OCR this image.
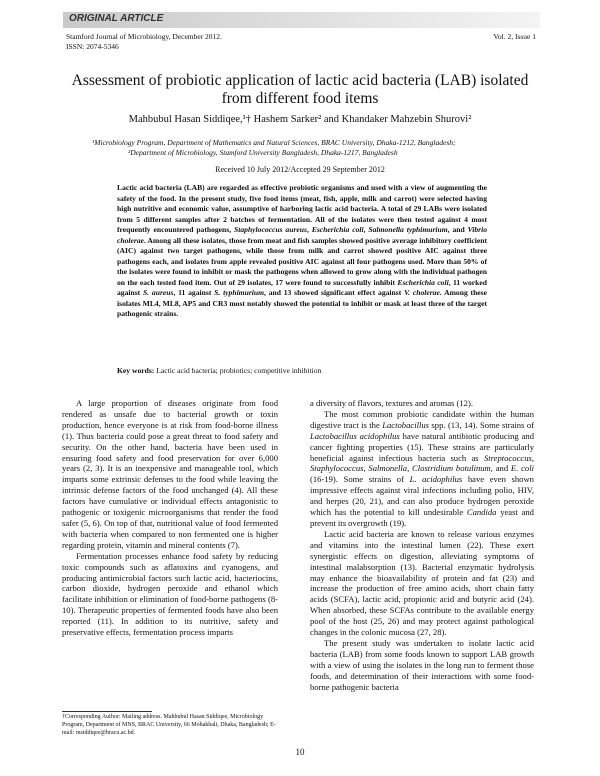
ORIGINAL ARTICLE
Stamford Journal of Microbiology, December 2012.
ISSN: 2074-5346
Vol. 2, Issue 1
Assessment of probiotic application of lactic acid bacteria (LAB) isolated from different food items
Mahbubul Hasan Siddiqee,¹† Hashem Sarker² and Khandaker Mahzebin Shurovi²
¹Microbiology Program, Department of Mathematics and Natural Sciences, BRAC University, Dhaka-1212, Bangladesh;
²Department of Microbiology, Stamford University Bangladesh, Dhaka-1217, Bangladesh
Received 10 July 2012/Accepted 29 September 2012
Lactic acid bacteria (LAB) are regarded as effective probiotic organisms and used with a view of augmenting the safety of the food. In the present study, five food items (meat, fish, apple, milk and carrot) were selected having high nutritive and economic value, assumptive of harboring lactic acid bacteria. A total of 29 LABs were isolated from 5 different samples after 2 batches of fermentation. All of the isolates were then tested against 4 most frequently encountered pathogens, Staphylococcus aureus, Escherichia coli, Salmonella typhimurium, and Vibrio cholerae. Among all these isolates, those from meat and fish samples showed positive average inhibitory coefficient (AIC) against two target pathogens, while those from milk and carrot showed positive AIC against three pathogens each, and isolates from apple revealed positive AIC against all four pathogens used. More than 50% of the isolates were found to inhibit or mask the pathogens when allowed to grow along with the individual pathogen on the each tested food item. Out of 29 isolates, 17 were found to successfully inhibit Escherichia coli, 11 worked against S. aureus, 11 against S. typhimurium, and 13 showed significant effect against V. cholerae. Among these isolates ML4, ML8, AP5 and CR3 most notably showed the potential to inhibit or mask at least three of the target pathogenic strains.
Key words: Lactic acid bacteria; probiotics; competitive inhibition

A large proportion of diseases originate from food rendered as unsafe due to bacterial growth or toxin production, hence everyone is at risk from food-borne illness (1). Thus bacteria could pose a great threat to food safety and security. On the other hand, bacteria have been used in ensuring food safety and food preservation for over 6,000 years (2, 3). It is an inexpensive and manageable tool, which imparts some extrinsic defenses to the food while leaving the intrinsic defense factors of the food unchanged (4). All these factors have cumulative or individual effects antagonistic to pathogenic or toxigenic microorganisms that render the food safer (5, 6). On top of that, nutritional value of food fermented with bacteria when compared to non fermented one is higher regarding protein, vitamin and mineral contents (7).

Fermentation processes enhance food safety by reducing toxic compounds such as aflatoxins and cyanogens, and producing antimicrobial factors such lactic acid, bacteriocins, carbon dioxide, hydrogen peroxide and ethanol which facilitate inhibition or elimination of food-borne pathogens (8-10). Therapeutic properties of fermented foods have also been reported (11). In addition to its nutritive, safety and preservative effects, fermentation process imparts

a diversity of flavors, textures and aromas (12).

The most common probiotic candidate within the human digestive tract is the Lactobacillus spp. (13, 14). Some strains of Lactobacillus acidophilus have natural antibiotic producing and cancer fighting properties (15). These strains are particularly beneficial against infectious bacteria such as Streptococcus, Staphylococcus, Salmonella, Clostridium botulinum, and E. coli (16-19). Some strains of L. acidophilus have even shown impressive effects against viral infections including polio, HIV, and herpes (20, 21), and can also produce hydrogen peroxide which has the potential to kill undesirable Candida yeast and prevent its overgrowth (19).

Lactic acid bacteria are known to release various enzymes and vitamins into the intestinal lumen (22). These exert synergistic effects on digestion, alleviating symptoms of intestinal malabsorption (13). Bacterial enzymatic hydrolysis may enhance the bioavailability of protein and fat (23) and increase the production of free amino acids, short chain fatty acids (SCFA), lactic acid, propionic acid and butyric acid (24). When absorbed, these SCFAs contribute to the available energy pool of the host (25, 26) and may protect against pathological changes in the colonic mucosa (27, 28).

The present study was undertaken to isolate lactic acid bacteria (LAB) from some foods known to support LAB growth with a view of using the isolates in the long run to ferment those foods, and determination of their interactions with some food-borne pathogenic bacteria

†Corresponding Author: Mailing address. Mahbubul Hasan Siddiqee, Microbiology Program, Department of MNS, BRAC University, 66 Mohakhali, Dhaka, Bangladesh; E-mail: msiddiqee@bracu.ac.bd.
10
